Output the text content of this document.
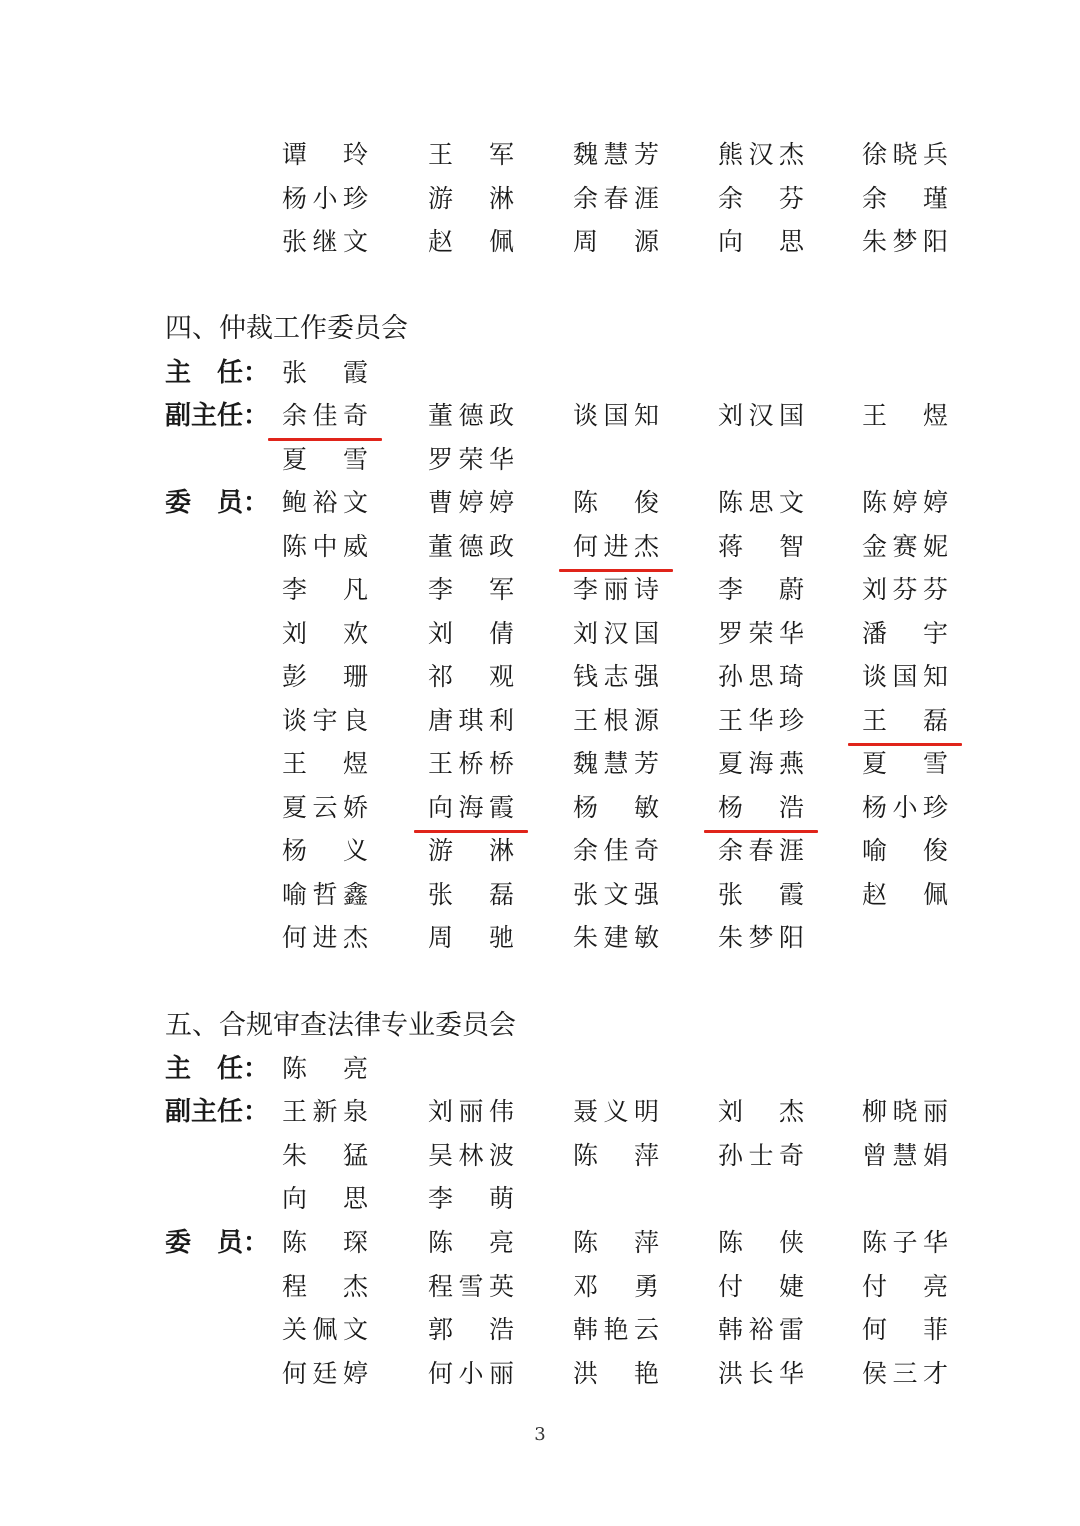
谭　玲 王　军 魏慧芳 熊汉杰 徐晓兵
杨小珍 游　淋 余春涯 余　芬 余　瑾
张继文 赵　佩 周　源 向　思 朱梦阳
四、仲裁工作委员会
主　任： 张　霞
副主任： 余佳奇 董德政 谈国知 刘汉国 王　煜
夏　雪 罗荣华
委　员： 鲍裕文 曹婷婷 陈　俊 陈思文 陈婷婷
陈中威 董德政 何进杰 蒋　智 金赛妮
李　凡 李　军 李丽诗 李　蔚 刘芬芬
刘　欢 刘　倩 刘汉国 罗荣华 潘　宇
彭　珊 祁　观 钱志强 孙思琦 谈国知
谈宇良 唐琪利 王根源 王华珍 王　磊
王　煜 王桥桥 魏慧芳 夏海燕 夏　雪
夏云娇 向海霞 杨　敏 杨　浩 杨小珍
杨　义 游　淋 余佳奇 余春涯 喻　俊
喻哲鑫 张　磊 张文强 张　霞 赵　佩
何进杰 周　驰 朱建敏 朱梦阳
五、合规审查法律专业委员会
主　任： 陈　亮
副主任： 王新泉 刘丽伟 聂义明 刘　杰 柳晓丽
朱　猛 吴林波 陈　萍 孙士奇 曾慧娟
向　思 李　萌
委　员： 陈　琛 陈　亮 陈　萍 陈　侠 陈子华
程　杰 程雪英 邓　勇 付　婕 付　亮
关佩文 郭　浩 韩艳云 韩裕雷 何　菲
何廷婷 何小丽 洪　艳 洪长华 侯三才
3
